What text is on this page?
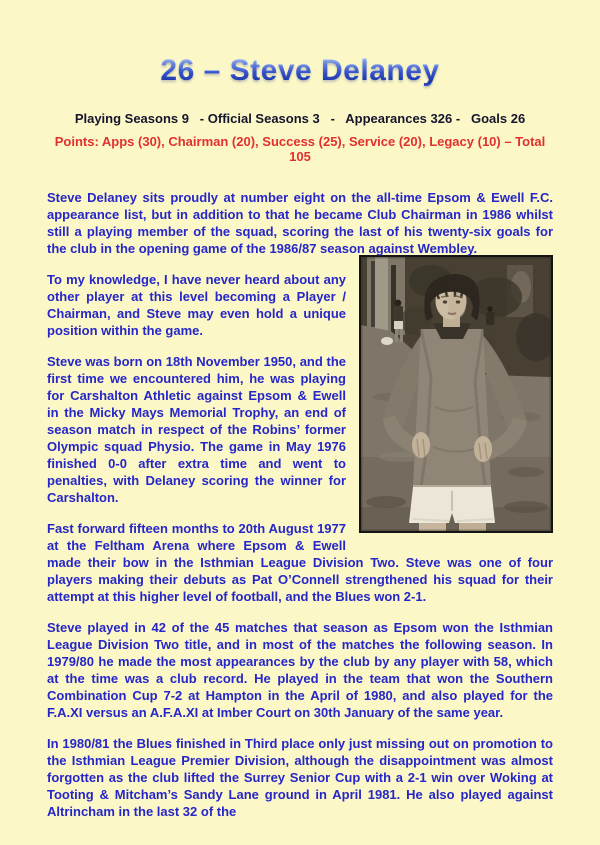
26 – Steve Delaney
Playing Seasons 9   - Official Seasons 3   -   Appearances 326 -   Goals 26
Points: Apps (30), Chairman (20), Success (25), Service (20), Legacy (10) – Total 105

Steve Delaney sits proudly at number eight on the all-time Epsom & Ewell F.C. appearance list, but in addition to that he became Club Chairman in 1986 whilst still a playing member of the squad, scoring the last of his twenty-six goals for the club in the opening game of the 1986/87 season against Wembley.

To my knowledge, I have never heard about any other player at this level becoming a Player / Chairman, and Steve may even hold a unique position within the game.

Steve was born on 18th November 1950, and the first time we encountered him, he was playing for Carshalton Athletic against Epsom & Ewell in the Micky Mays Memorial Trophy, an end of season match in respect of the Robins’ former Olympic squad Physio. The game in May 1976 finished 0-0 after extra time and went to penalties, with Delaney scoring the winner for Carshalton.

Fast forward fifteen months to 20th August 1977 at the Feltham Arena where Epsom & Ewell made their bow in the Isthmian League Division Two. Steve was one of four players making their debuts as Pat O’Connell strengthened his squad for their attempt at this higher level of football, and the Blues won 2-1.

Steve played in 42 of the 45 matches that season as Epsom won the Isthmian League Division Two title, and in most of the matches the following season. In 1979/80 he made the most appearances by the club by any player with 58, which at the time was a club record. He played in the team that won the Southern Combination Cup 7-2 at Hampton in the April of 1980, and also played for the F.A.XI versus an A.F.A.XI at Imber Court on 30th January of the same year.

In 1980/81 the Blues finished in Third place only just missing out on promotion to the Isthmian League Premier Division, although the disappointment was almost forgotten as the club lifted the Surrey Senior Cup with a 2-1 win over Woking at Tooting & Mitcham’s Sandy Lane ground in April 1981. He also played against Altrincham in the last 32 of the
